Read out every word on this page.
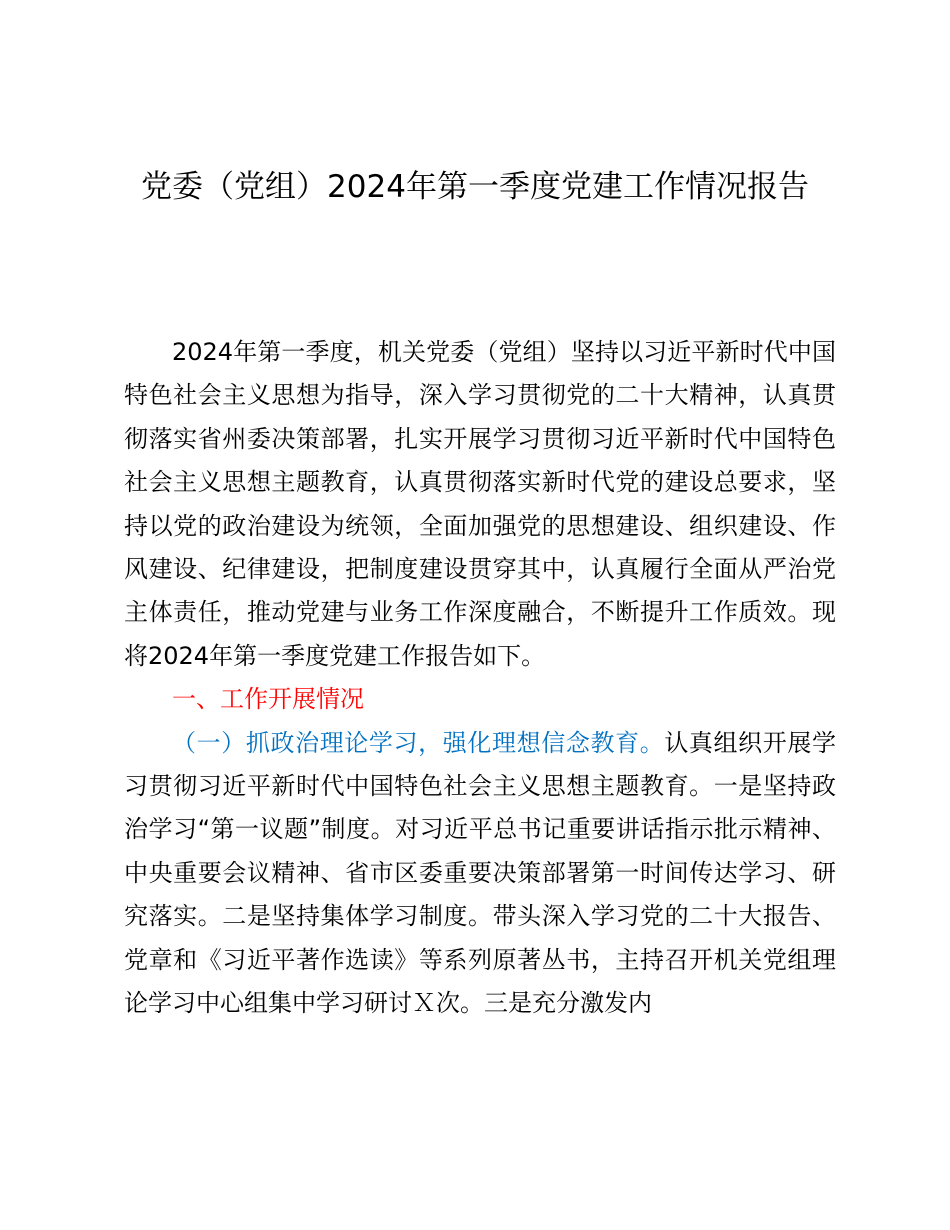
党委（党组）2024年第一季度党建工作情况报告

2024年第一季度，机关党委（党组）坚持以习近平新时代中国特色社会主义思想为指导，深入学习贯彻党的二十大精神，认真贯彻落实省州委决策部署，扎实开展学习贯彻习近平新时代中国特色社会主义思想主题教育，认真贯彻落实新时代党的建设总要求，坚持以党的政治建设为统领，全面加强党的思想建设、组织建设、作风建设、纪律建设，把制度建设贯穿其中，认真履行全面从严治党主体责任，推动党建与业务工作深度融合，不断提升工作质效。现将2024年第一季度党建工作报告如下。

一、工作开展情况

（一）抓政治理论学习，强化理想信念教育。认真组织开展学习贯彻习近平新时代中国特色社会主义思想主题教育。一是坚持政治学习“第一议题”制度。对习近平总书记重要讲话指示批示精神、中央重要会议精神、省市区委重要决策部署第一时间传达学习、研究落实。二是坚持集体学习制度。带头深入学习党的二十大报告、党章和《习近平著作选读》等系列原著丛书，主持召开机关党组理论学习中心组集中学习研讨Ｘ次。三是充分激发内
